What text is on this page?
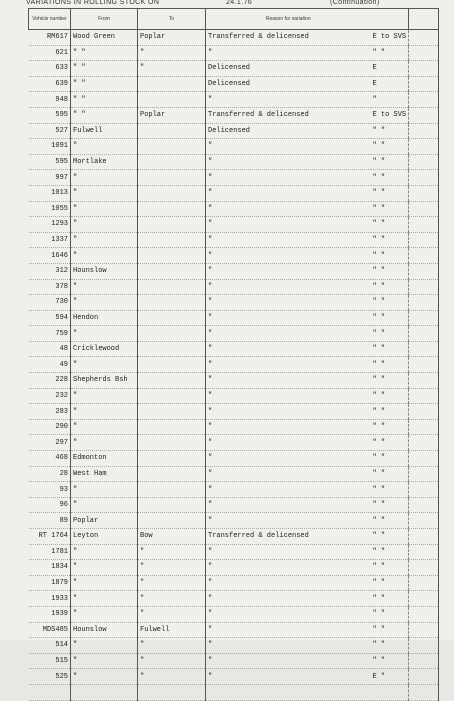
VARIATIONS IN ROLLING STOCK ON	24.1.76	(Continuation)
Vehicle number	From	To	Reason for variation		
RM617	Wood Green	Poplar	Transferred & delicensed	E to SVS	
621	" "	"	"	" "	
633	" "	"	Delicensed	E	
639	" "		Delicensed	E	
948	" "		"	"	
595	" "	Poplar	Transferred & delicensed	E to SVS	
527	Fulwell		Delicensed	" "	
1091	"		"	" "	
595	Mortlake		"	" "	
997	"		"	" "	
1013	"		"	" "	
1055	"		"	" "	
1293	"		"	" "	
1337	"		"	" "	
1646	"		"	" "	
312	Hounslow		"	" "	
378	"		"	" "	
730	"		"	" "	
594	Hendon		"	" "	
759	"		"	" "	
48	Cricklewood		"	" "	
49	"		"	" "	
228	Shepherds Bsh		"	" "	
232	"		"	" "	
283	"		"	" "	
290	"		"	" "	
297	"		"	" "	
468	Edmonton		"	" "	
28	West Ham		"	" "	
93	"		"	" "	
96	"		"	" "	
89	Poplar		"	" "	
RT 1764	Leyton	Bow	Transferred & delicensed	" "	
1781	"	"	"	" "	
1834	"	"	"	" "	
1879	"	"	"	" "	
1933	"	"	"	" "	
1939	"	"	"	" "	
MDS485	Hounslow	Fulwell	"	" "	
514	"	"	"	" "	
515	"	"	"	" "	
525	"	"	"	E "	
